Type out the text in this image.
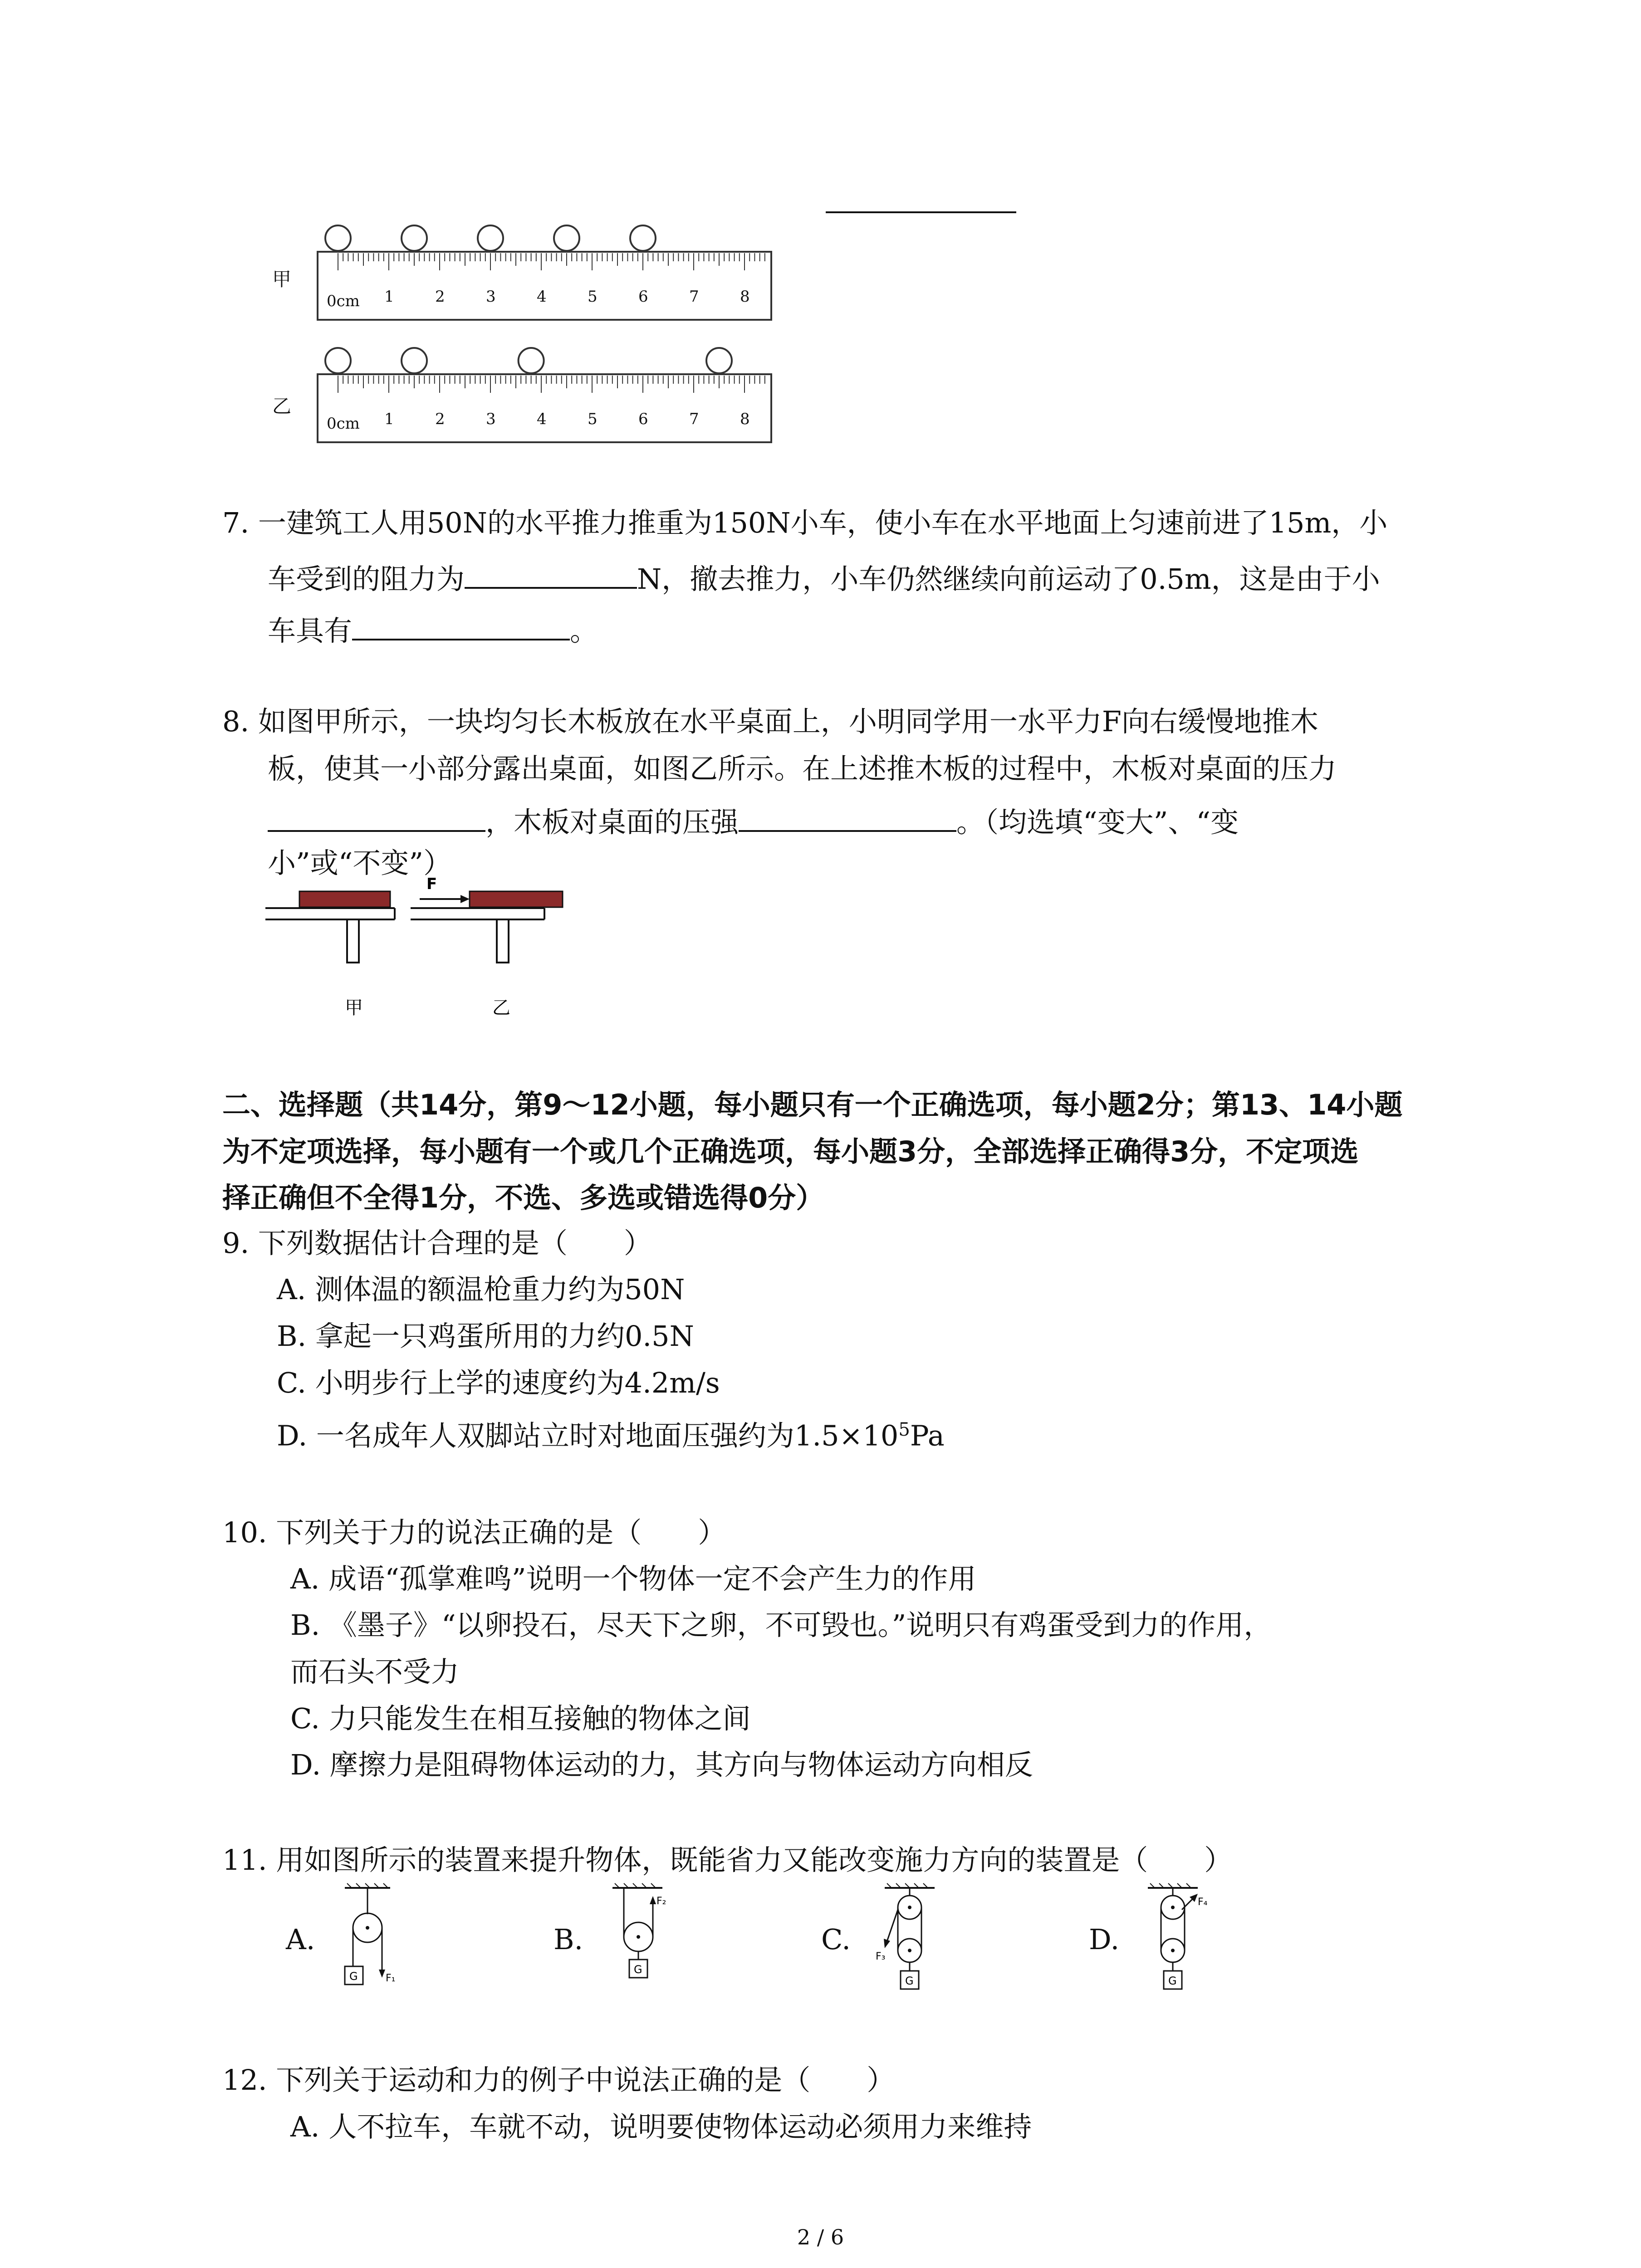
甲
乙
0cm
0cm
1	2	3	4	5	6	7	8
1	2	3	4	5	6	7	8
7. 一建筑工人用50N的水平推力推重为150N小车，使小车在水平地面上匀速前进了15m，小
车受到的阻力为	N，撤去推力，小车仍然继续向前运动了0.5m，这是由于小
车具有	。
8. 如图甲所示，一块均匀长木板放在水平桌面上，小明同学用一水平力F向右缓慢地推木
板，使其一小部分露出桌面，如图乙所示。在上述推木板的过程中，木板对桌面的压力
，木板对桌面的压强	。（均选填“变大”、“变
小”或“不变”）
甲
F
乙
二、选择题（共14分，第9～12小题，每小题只有一个正确选项，每小题2分；第13、14小题
为不定项选择，每小题有一个或几个正确选项，每小题3分，全部选择正确得3分，不定项选
择正确但不全得1分，不选、多选或错选得0分）
9. 下列数据估计合理的是（　　）
A. 测体温的额温枪重力约为50N
B. 拿起一只鸡蛋所用的力约0.5N
C. 小明步行上学的速度约为4.2m/s
D. 一名成年人双脚站立时对地面压强约为$1.5\times 10^5Pa$
10. 下列关于力的说法正确的是（　　）
A. 成语“孤掌难鸣”说明一个物体一定不会产生力的作用
B. 《墨子》“以卵投石，尽天下之卵，不可毁也。”说明只有鸡蛋受到力的作用，
而石头不受力
C. 力只能发生在相互接触的物体之间
D. 摩擦力是阻碍物体运动的力，其方向与物体运动方向相反
11. 用如图所示的装置来提升物体，既能省力又能改变施力方向的装置是（　　）
A.	B.	C.	D.
G	F₁
F₂
G
F₃
G
F₄
G
12. 下列关于运动和力的例子中说法正确的是（　　）
A. 人不拉车，车就不动，说明要使物体运动必须用力来维持
2 / 6
